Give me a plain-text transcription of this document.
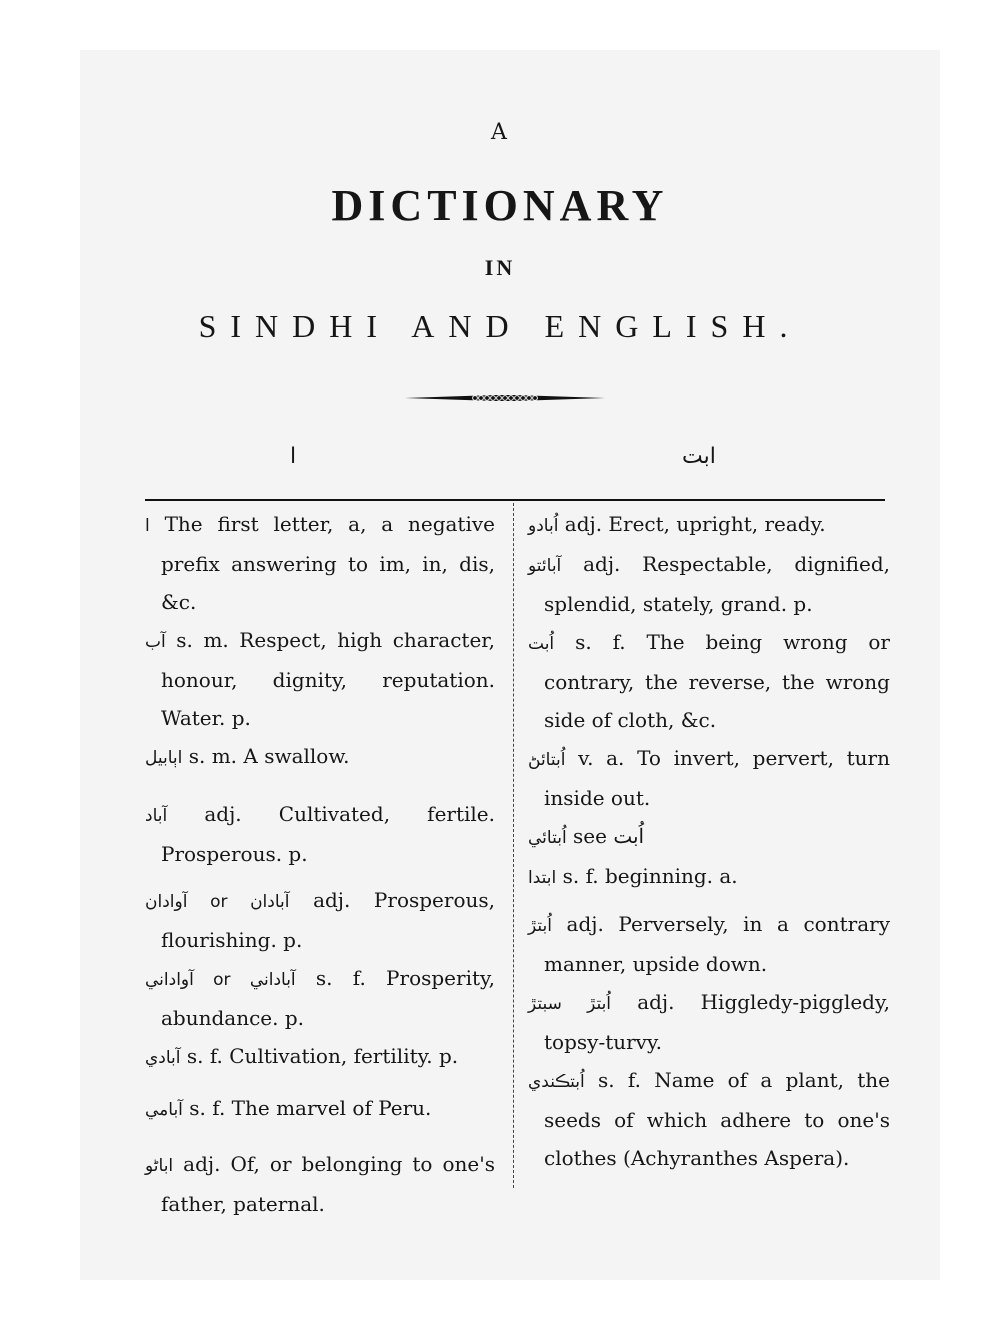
A
DICTIONARY
IN
SINDHI AND ENGLISH.
ا	ابت

ا The first letter, a, a negative prefix answering to im, in, dis, &c.

آب s. m. Respect, high character, honour, dignity, reputation. Water. p.

اٻابيل s. m. A swallow.

آباد adj. Cultivated, fertile. Prosperous. p.

آبادان or آوادان adj. Prosperous, flourishing. p.

آباداني or آواداني s. f. Prosperity, abundance. p.

آبادي s. f. Cultivation, fertility. p.

آبامي s. f. The marvel of Peru.

اباڻو adj. Of, or belonging to one's father, paternal.

اُبادو adj. Erect, upright, ready.

آبائتو adj. Respectable, dignified, splendid, stately, grand. p.

اُبت s. f. The being wrong or contrary, the reverse, the wrong side of cloth, &c.

اُبتائڻ v. a. To invert, pervert, turn inside out.

اُبتائي see اُبت

ابتدا s. f. beginning. a.

اُبتڙ adj. Perversely, in a contrary manner, upside down.

اُبتڙ سبتڙ adj. Higgledy-piggledy, topsy-turvy.

اُبتڪندي s. f. Name of a plant, the seeds of which adhere to one's clothes (Achyranthes Aspera).
